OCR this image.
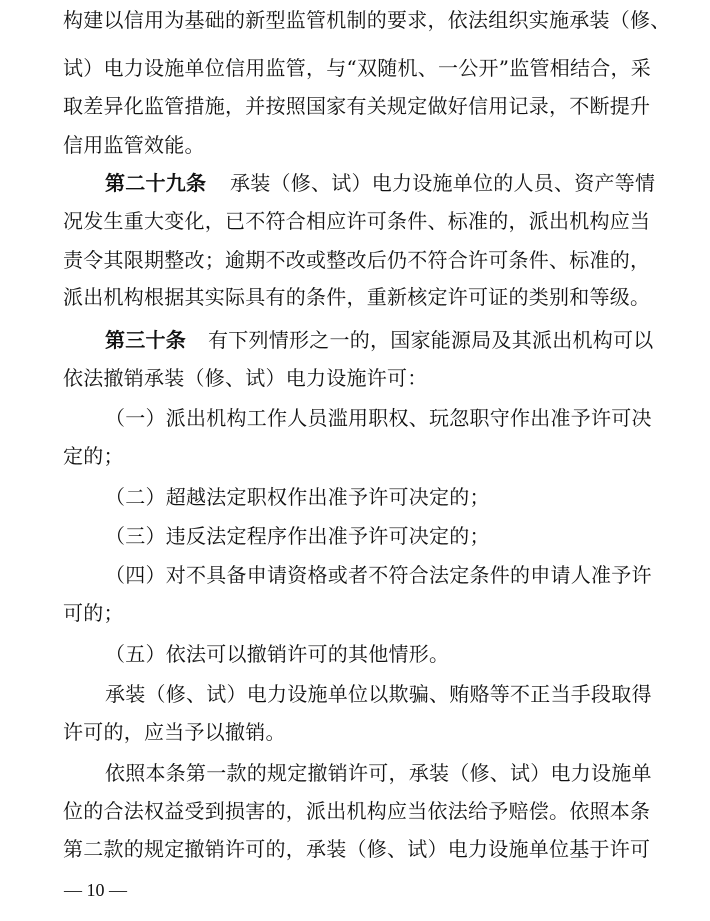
构建以信用为基础的新型监管机制的要求，依法组织实施承装（修、
试）电力设施单位信用监管，与“双随机、一公开”监管相结合，采
取差异化监管措施，并按照国家有关规定做好信用记录，不断提升
信用监管效能。
第二十九条	承装（修、试）电力设施单位的人员、资产等情
况发生重大变化，已不符合相应许可条件、标准的，派出机构应当
责令其限期整改；逾期不改或整改后仍不符合许可条件、标准的，
派出机构根据其实际具有的条件，重新核定许可证的类别和等级。
第三十条	有下列情形之一的，国家能源局及其派出机构可以
依法撤销承装（修、试）电力设施许可：
（一）派出机构工作人员滥用职权、玩忽职守作出准予许可决
定的；
（二）超越法定职权作出准予许可决定的；
（三）违反法定程序作出准予许可决定的；
（四）对不具备申请资格或者不符合法定条件的申请人准予许
可的；
（五）依法可以撤销许可的其他情形。
承装（修、试）电力设施单位以欺骗、贿赂等不正当手段取得
许可的，应当予以撤销。
依照本条第一款的规定撤销许可，承装（修、试）电力设施单
位的合法权益受到损害的，派出机构应当依法给予赔偿。依照本条
第二款的规定撤销许可的，承装（修、试）电力设施单位基于许可
— 10 —
